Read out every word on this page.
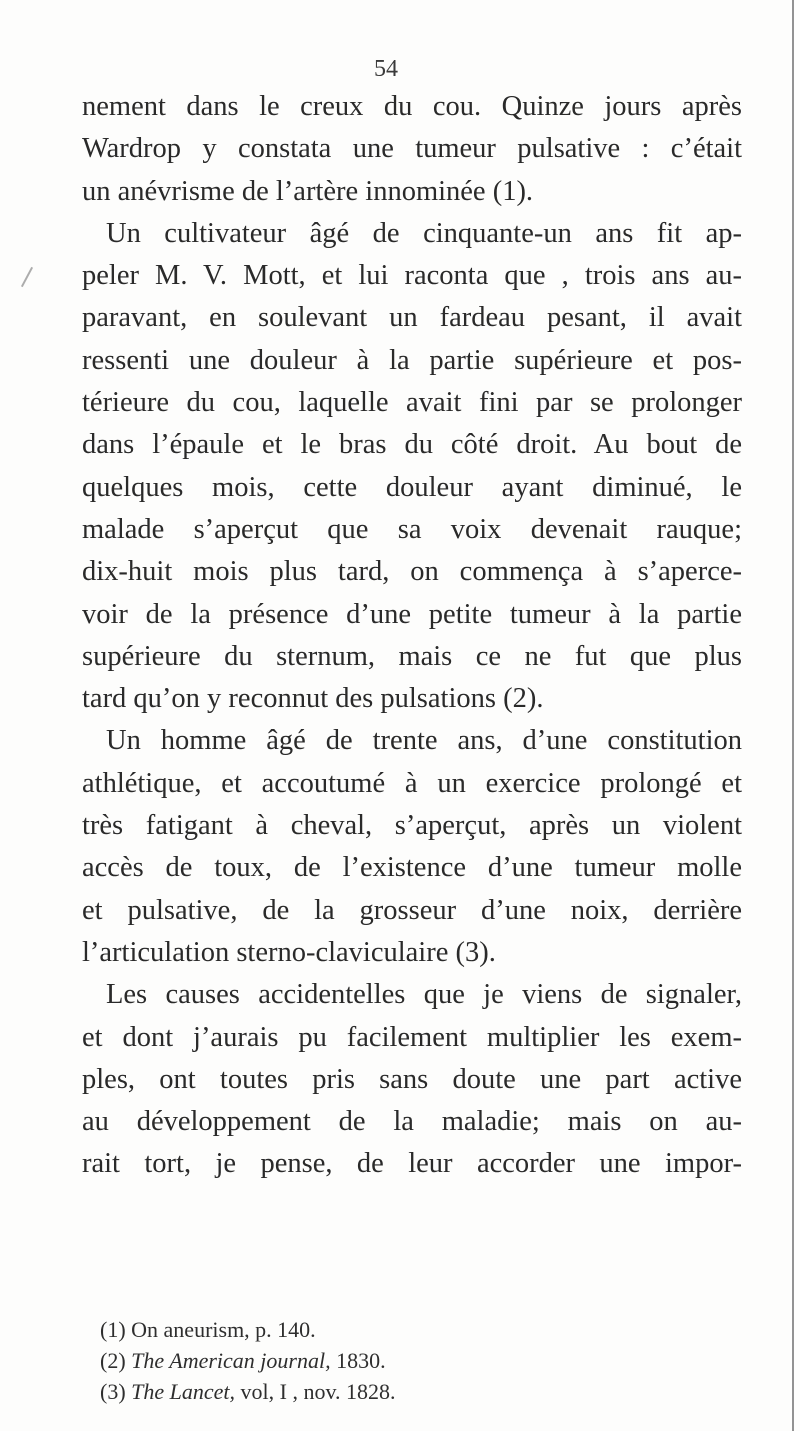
54
nement dans le creux du cou. Quinze jours après
Wardrop y constata une tumeur pulsative : c’était
un anévrisme de l’artère innominée (1).
Un cultivateur âgé de cinquante-un ans fit ap-
peler M. V. Mott, et lui raconta que , trois ans au-
paravant, en soulevant un fardeau pesant, il avait
ressenti une douleur à la partie supérieure et pos-
térieure du cou, laquelle avait fini par se prolonger
dans l’épaule et le bras du côté droit. Au bout de
quelques mois, cette douleur ayant diminué, le
malade s’aperçut que sa voix devenait rauque;
dix-huit mois plus tard, on commença à s’aperce-
voir de la présence d’une petite tumeur à la partie
supérieure du sternum, mais ce ne fut que plus
tard qu’on y reconnut des pulsations (2).
Un homme âgé de trente ans, d’une constitution
athlétique, et accoutumé à un exercice prolongé et
très fatigant à cheval, s’aperçut, après un violent
accès de toux, de l’existence d’une tumeur molle
et pulsative, de la grosseur d’une noix, derrière
l’articulation sterno-claviculaire (3).
Les causes accidentelles que je viens de signaler,
et dont j’aurais pu facilement multiplier les exem-
ples, ont toutes pris sans doute une part active
au développement de la maladie; mais on au-
rait tort, je pense, de leur accorder une impor-
(1) On aneurism, p. 140.
(2) The American journal, 1830.
(3) The Lancet, vol, I , nov. 1828.
